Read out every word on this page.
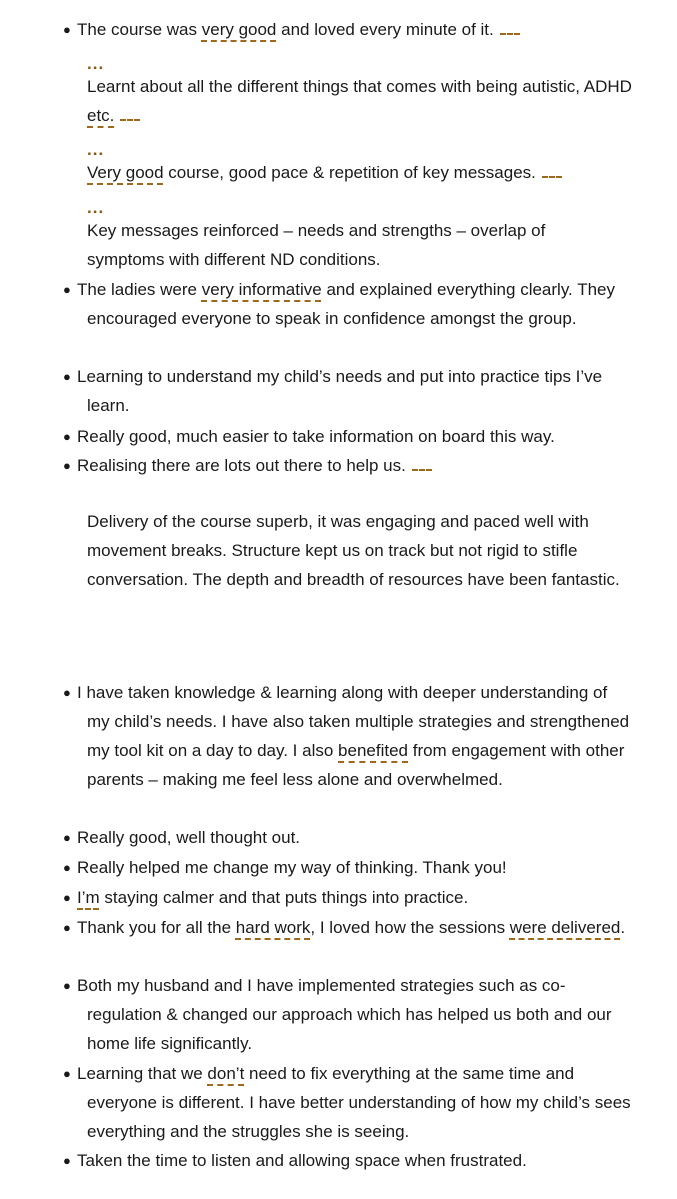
● The course was very good and loved every minute of it.
...
Learnt about all the different things that comes with being autistic, ADHD etc.
...
Very good course, good pace & repetition of key messages.
...
Key messages reinforced – needs and strengths – overlap of symptoms with different ND conditions.
● The ladies were very informative and explained everything clearly. They encouraged everyone to speak in confidence amongst the group.
● Learning to understand my child’s needs and put into practice tips I’ve learn.
● Really good, much easier to take information on board this way.
● Realising there are lots out there to help us.
Delivery of the course superb, it was engaging and paced well with movement breaks. Structure kept us on track but not rigid to stifle conversation. The depth and breadth of resources have been fantastic.
● I have taken knowledge & learning along with deeper understanding of my child’s needs. I have also taken multiple strategies and strengthened my tool kit on a day to day. I also benefited from engagement with other parents – making me feel less alone and overwhelmed.
● Really good, well thought out.
● Really helped me change my way of thinking. Thank you!
● I’m staying calmer and that puts things into practice.
● Thank you for all the hard work, I loved how the sessions were delivered.
● Both my husband and I have implemented strategies such as co-regulation & changed our approach which has helped us both and our home life significantly.
● Learning that we don’t need to fix everything at the same time and everyone is different. I have better understanding of how my child’s sees everything and the struggles she is seeing.
● Taken the time to listen and allowing space when frustrated.
